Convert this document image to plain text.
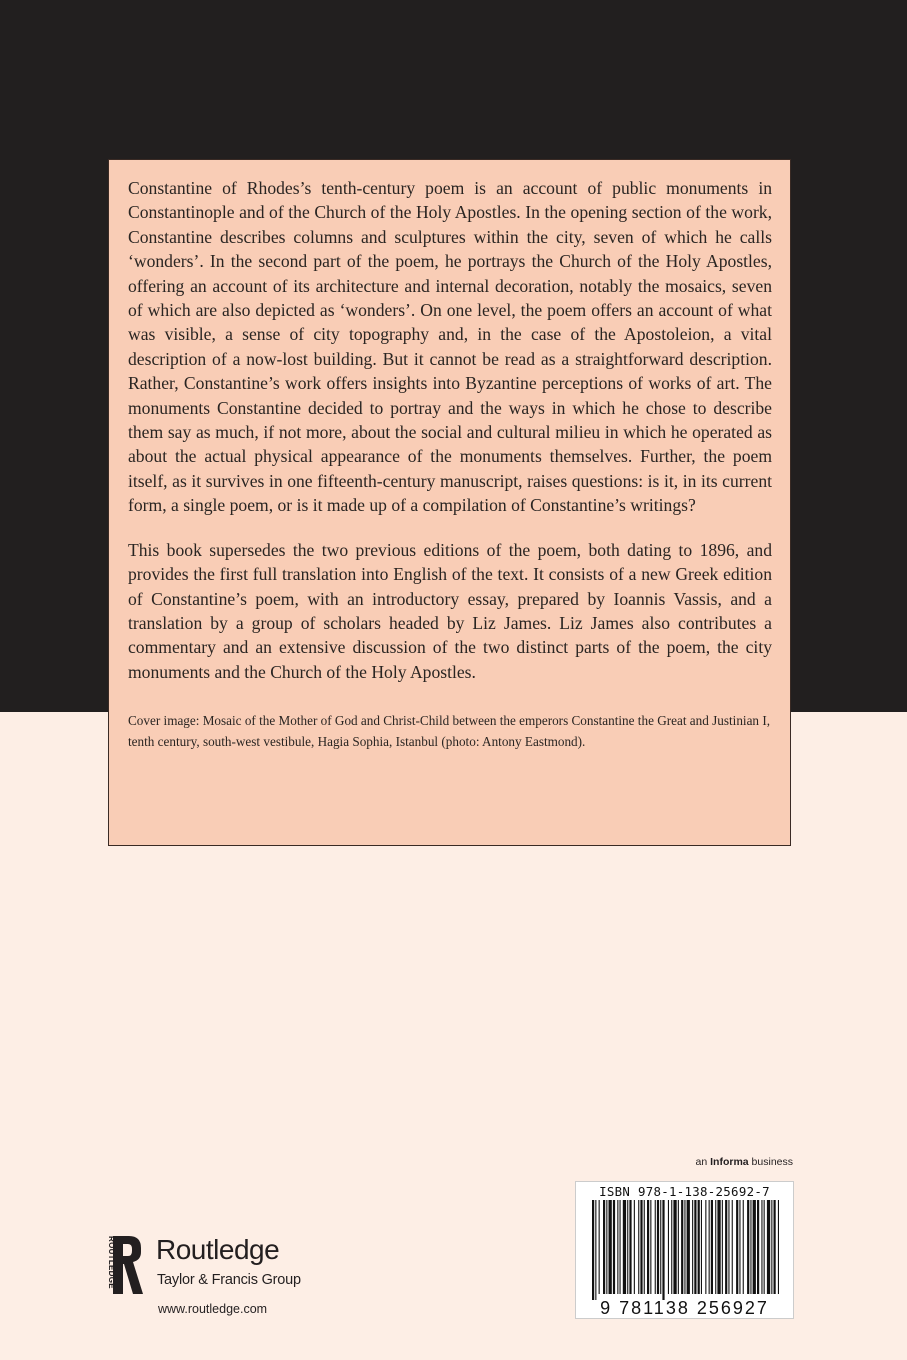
Constantine of Rhodes’s tenth-century poem is an account of public monuments in Constantinople and of the Church of the Holy Apostles. In the opening section of the work, Constantine describes columns and sculptures within the city, seven of which he calls ‘wonders’. In the second part of the poem, he portrays the Church of the Holy Apostles, offering an account of its architecture and internal decoration, notably the mosaics, seven of which are also depicted as ‘wonders’. On one level, the poem offers an account of what was visible, a sense of city topography and, in the case of the Apostoleion, a vital description of a now-lost building. But it cannot be read as a straightforward description. Rather, Constantine’s work offers insights into Byzantine perceptions of works of art. The monuments Constantine decided to portray and the ways in which he chose to describe them say as much, if not more, about the social and cultural milieu in which he operated as about the actual physical appearance of the monuments themselves. Further, the poem itself, as it survives in one fifteenth-century manuscript, raises questions: is it, in its current form, a single poem, or is it made up of a compilation of Constantine’s writings?

This book supersedes the two previous editions of the poem, both dating to 1896, and provides the first full translation into English of the text. It consists of a new Greek edition of Constantine’s poem, with an introductory essay, prepared by Ioannis Vassis, and a translation by a group of scholars headed by Liz James. Liz James also contributes a commentary and an extensive discussion of the two distinct parts of the poem, the city monuments and the Church of the Holy Apostles.

Cover image: Mosaic of the Mother of God and Christ-Child between the emperors Constantine the Great and Justinian I, tenth century, south-west vestibule, Hagia Sophia, Istanbul (photo: Antony Eastmond).

an Informa business
ISBN 978-1-138-25692-7
9 781138 256927
ROUTLEDGE Routledge
Taylor & Francis Group
www.routledge.com
